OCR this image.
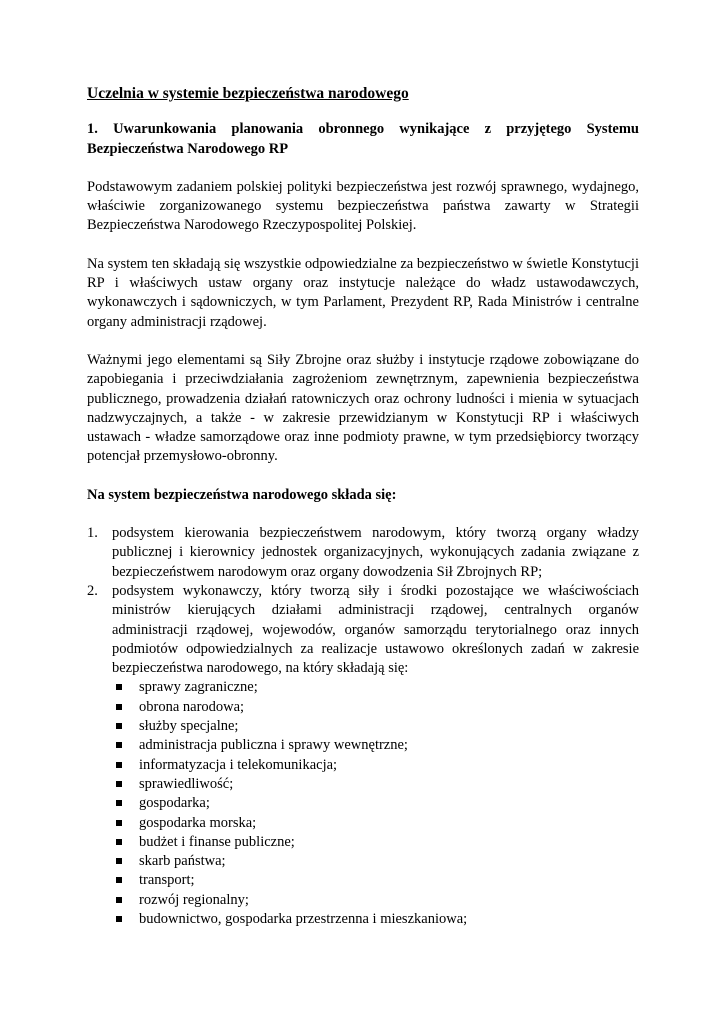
Uczelnia w systemie bezpieczeństwa narodowego
1. Uwarunkowania planowania obronnego wynikające z przyjętego Systemu Bezpieczeństwa Narodowego RP

Podstawowym zadaniem polskiej polityki bezpieczeństwa jest rozwój sprawnego, wydajnego, właściwie zorganizowanego systemu bezpieczeństwa państwa zawarty w Strategii Bezpieczeństwa Narodowego Rzeczypospolitej Polskiej.

Na system ten składają się wszystkie odpowiedzialne za bezpieczeństwo w świetle Konstytucji RP i właściwych ustaw organy oraz instytucje należące do władz ustawodawczych, wykonawczych i sądowniczych, w tym Parlament, Prezydent RP, Rada Ministrów i centralne organy administracji rządowej.

Ważnymi jego elementami są Siły Zbrojne oraz służby i instytucje rządowe zobowiązane do zapobiegania i przeciwdziałania zagrożeniom zewnętrznym, zapewnienia bezpieczeństwa publicznego, prowadzenia działań ratowniczych oraz ochrony ludności i mienia w sytuacjach nadzwyczajnych, a także - w zakresie przewidzianym w Konstytucji RP i właściwych ustawach - władze samorządowe oraz inne podmioty prawne, w tym przedsiębiorcy tworzący potencjał przemysłowo-obronny.

Na system bezpieczeństwa narodowego składa się:
1. podsystem kierowania bezpieczeństwem narodowym, który tworzą organy władzy publicznej i kierownicy jednostek organizacyjnych, wykonujących zadania związane z bezpieczeństwem narodowym oraz organy dowodzenia Sił Zbrojnych RP;
2. podsystem wykonawczy, który tworzą siły i środki pozostające we właściwościach ministrów kierujących działami administracji rządowej, centralnych organów administracji rządowej, wojewodów, organów samorządu terytorialnego oraz innych podmiotów odpowiedzialnych za realizacje ustawowo określonych zadań w zakresie bezpieczeństwa narodowego, na który składają się:
sprawy zagraniczne;
obrona narodowa;
służby specjalne;
administracja publiczna i sprawy wewnętrzne;
informatyzacja i telekomunikacja;
sprawiedliwość;
gospodarka;
gospodarka morska;
budżet i finanse publiczne;
skarb państwa;
transport;
rozwój regionalny;
budownictwo, gospodarka przestrzenna i mieszkaniowa;
